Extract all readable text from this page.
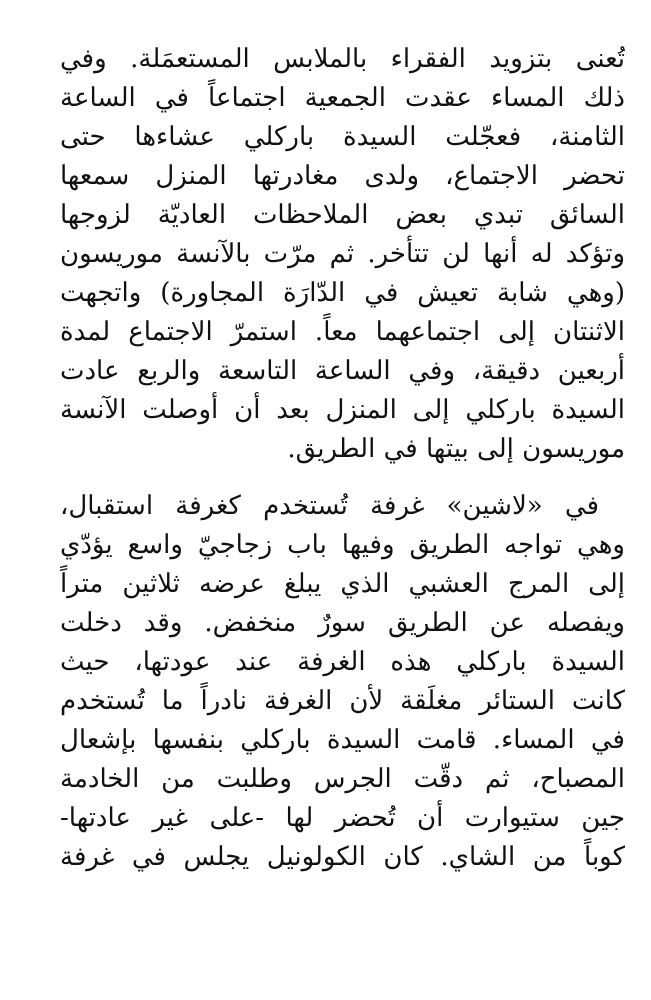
تُعنى بتزويد الفقراء بالملابس المستعمَلة. وفي
ذلك المساء عقدت الجمعية اجتماعاً في الساعة
الثامنة، فعجّلت السيدة باركلي عشاءها حتى
تحضر الاجتماع، ولدى مغادرتها المنزل سمعها
السائق تبدي بعض الملاحظات العاديّة لزوجها
وتؤكد له أنها لن تتأخر. ثم مرّت بالآنسة موريسون
(وهي شابة تعيش في الدّارَة المجاورة) واتجهت
الاثنتان إلى اجتماعهما معاً. استمرّ الاجتماع لمدة
أربعين دقيقة، وفي الساعة التاسعة والربع عادت
السيدة باركلي إلى المنزل بعد أن أوصلت الآنسة
موريسون إلى بيتها في الطريق.
في «لاشين» غرفة تُستخدم كغرفة استقبال،
وهي تواجه الطريق وفيها باب زجاجيّ واسع يؤدّي
إلى المرج العشبي الذي يبلغ عرضه ثلاثين متراً
ويفصله عن الطريق سورٌ منخفض. وقد دخلت
السيدة باركلي هذه الغرفة عند عودتها، حيث
كانت الستائر مغلَقة لأن الغرفة نادراً ما تُستخدم
في المساء. قامت السيدة باركلي بنفسها بإشعال
المصباح، ثم دقّت الجرس وطلبت من الخادمة
جين ستيوارت أن تُحضر لها -على غير عادتها-
كوباً من الشاي. كان الكولونيل يجلس في غرفة
